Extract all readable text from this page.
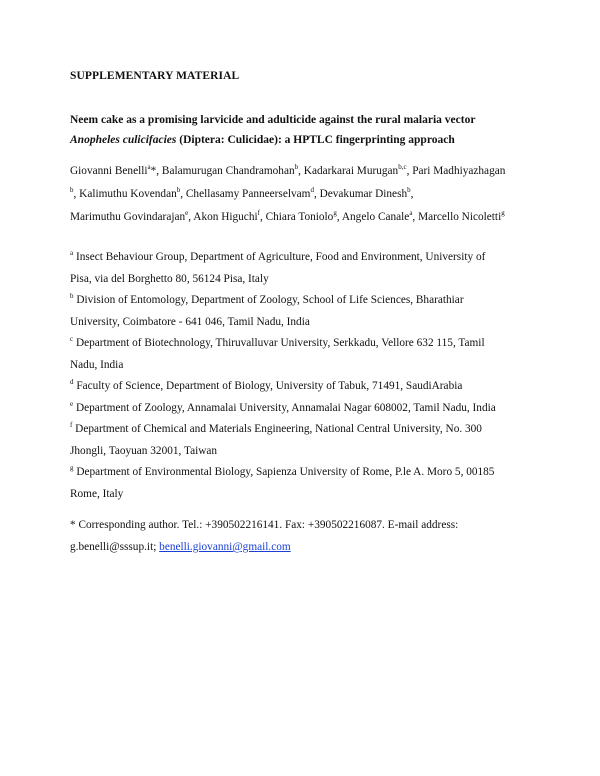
SUPPLEMENTARY MATERIAL
Neem cake as a promising larvicide and adulticide against the rural malaria vector
Anopheles culicifacies (Diptera: Culicidae): a HPTLC fingerprinting approach
Giovanni Benelli$^a$*, Balamurugan Chandramohan$^b$, Kadarkarai Murugan$^{b,c}$, Pari Madhiyazhagan
$^b$, Kalimuthu Kovendan$^b$, Chellasamy Panneerselvam$^d$, Devakumar Dinesh$^b$,
Marimuthu Govindarajan$^e$, Akon Higuchi$^f$, Chiara Toniolo$^g$, Angelo Canale$^a$, Marcello Nicoletti$^g$
$^a$ Insect Behaviour Group, Department of Agriculture, Food and Environment, University of
Pisa, via del Borghetto 80, 56124 Pisa, Italy
$^b$ Division of Entomology, Department of Zoology, School of Life Sciences, Bharathiar
University, Coimbatore - 641 046, Tamil Nadu, India
$^c$ Department of Biotechnology, Thiruvalluvar University, Serkkadu, Vellore 632 115, Tamil
Nadu, India
$^d$ Faculty of Science, Department of Biology, University of Tabuk, 71491, SaudiArabia
$^e$ Department of Zoology, Annamalai University, Annamalai Nagar 608002, Tamil Nadu, India
$^f$ Department of Chemical and Materials Engineering, National Central University, No. 300
Jhongli, Taoyuan 32001, Taiwan
$^g$ Department of Environmental Biology, Sapienza University of Rome, P.le A. Moro 5, 00185
Rome, Italy
* Corresponding author. Tel.: +390502216141. Fax: +390502216087. E-mail address:
g.benelli@sssup.it; benelli.giovanni@gmail.com
